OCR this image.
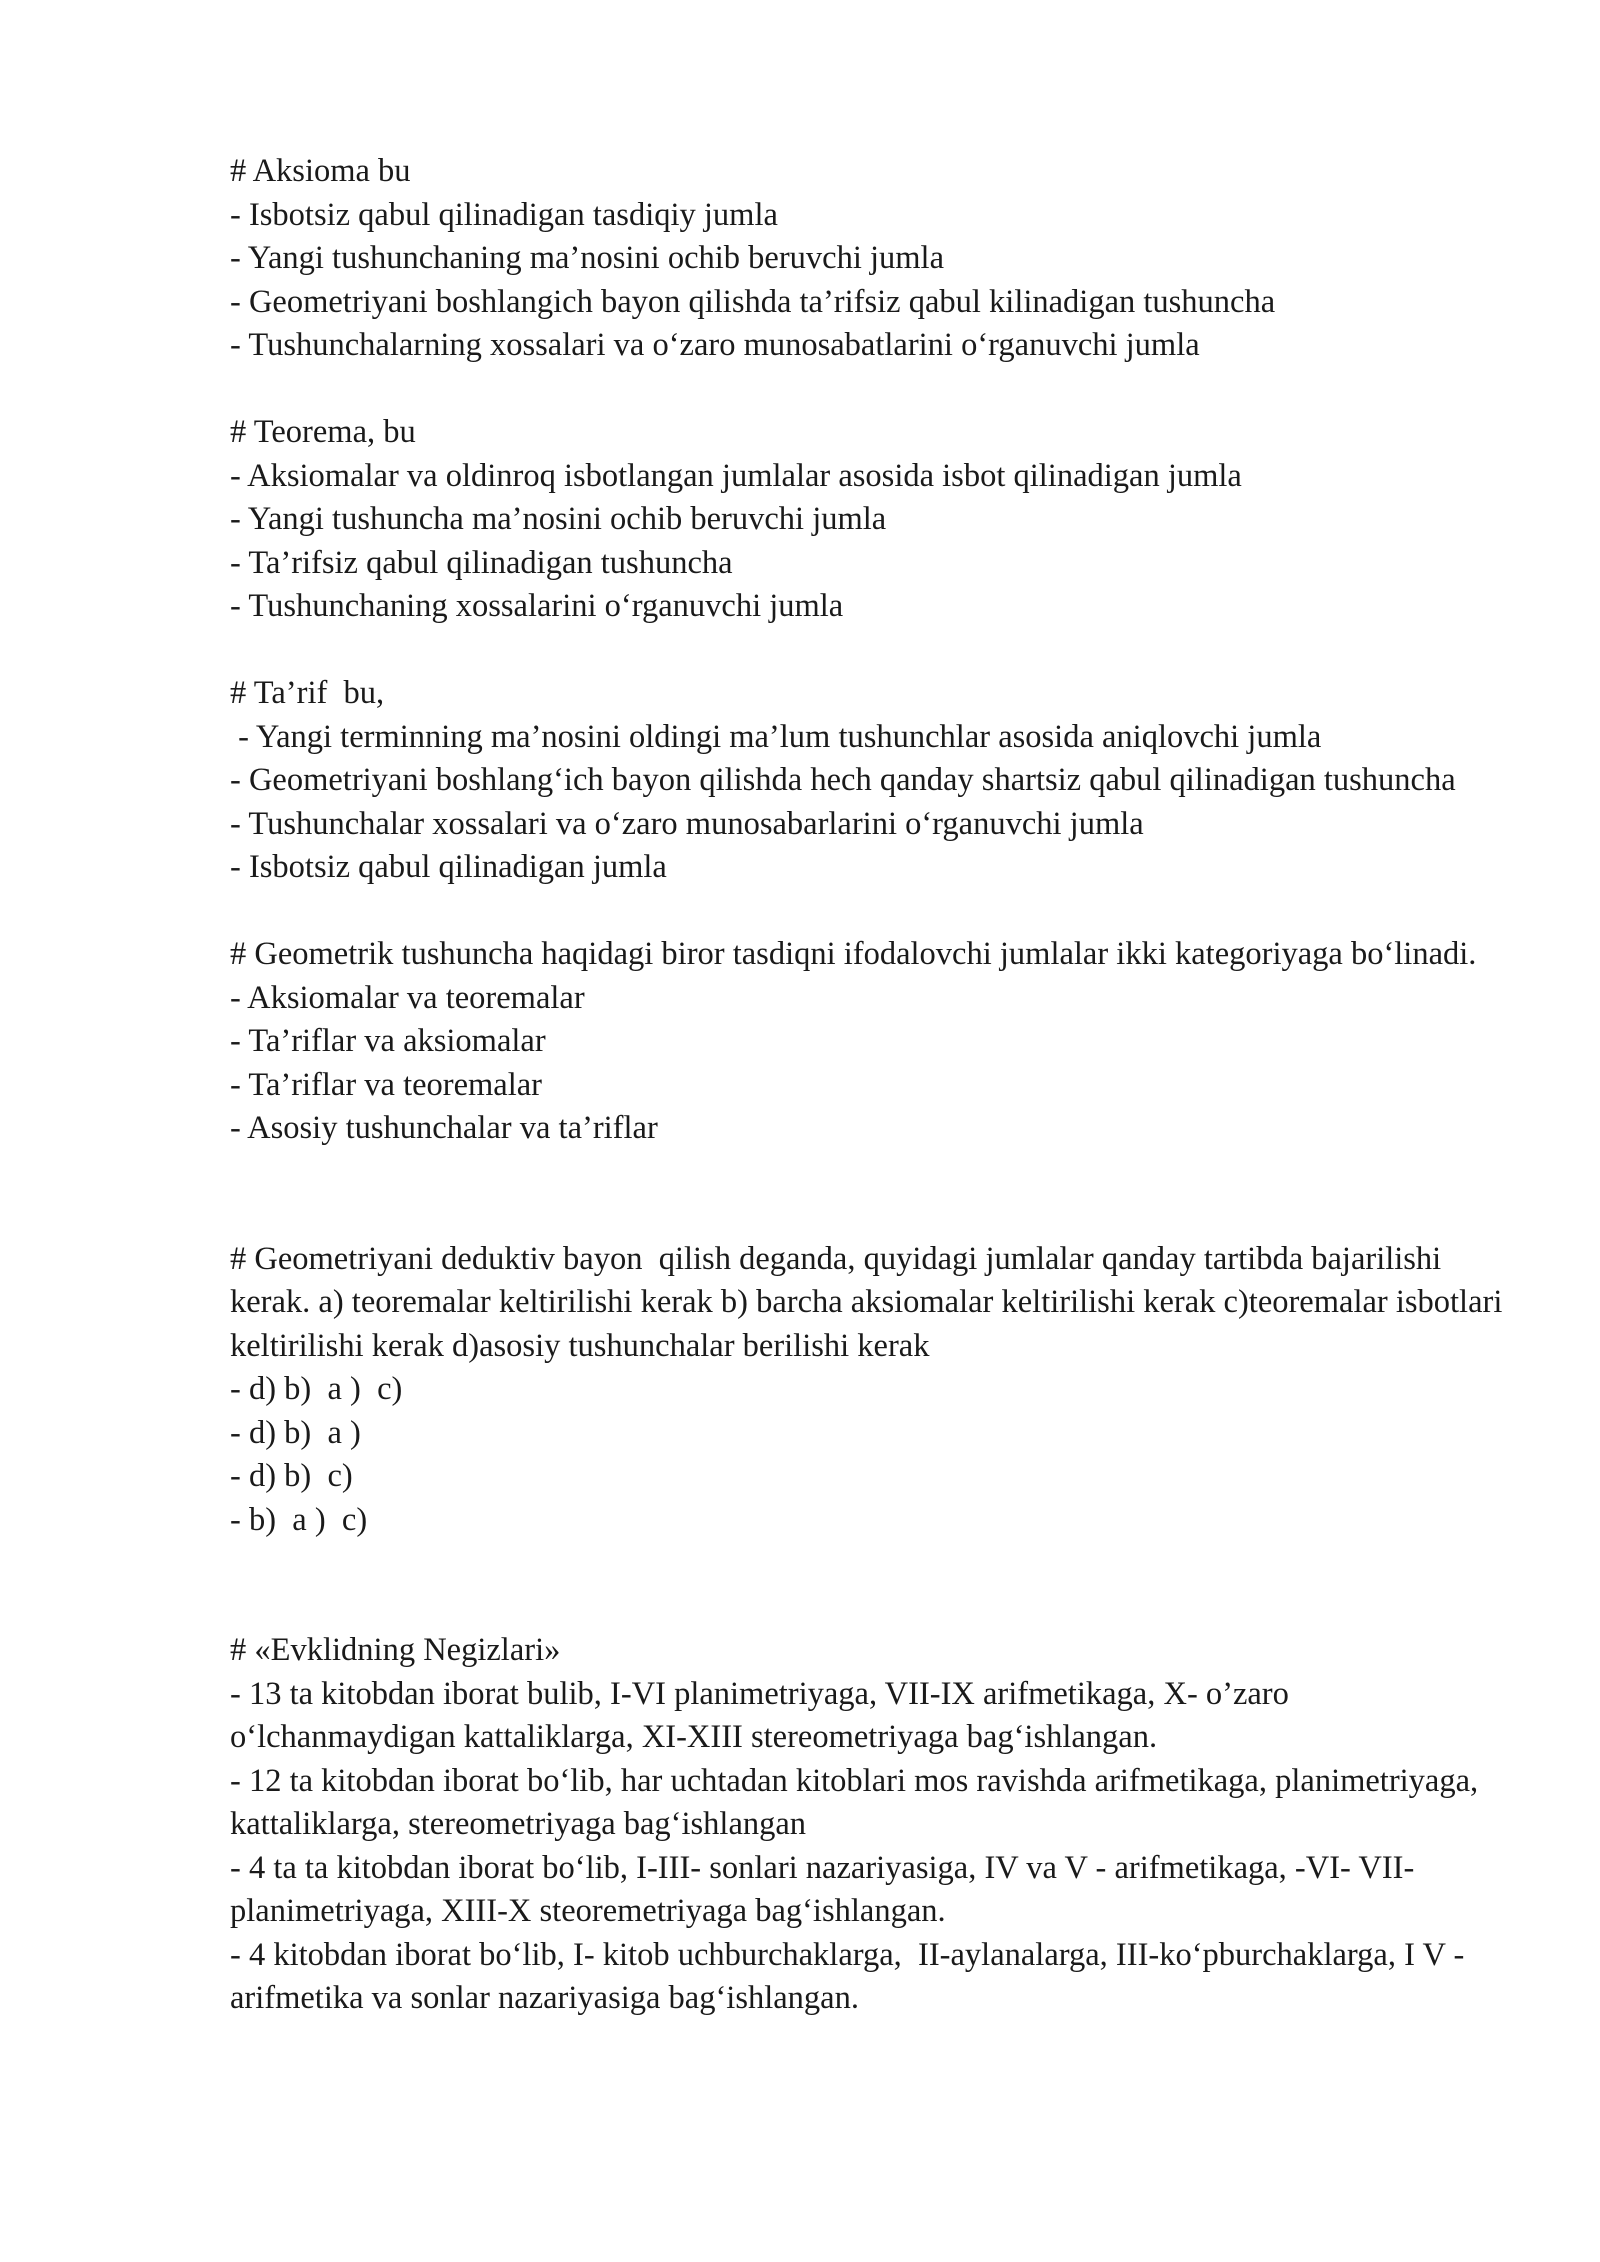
# Aksioma bu
- Isbotsiz qabul qilinadigan tasdiqiy jumla
- Yangi tushunchaning ma’nosini ochib beruvchi jumla
- Geometriyani boshlangich bayon qilishda ta’rifsiz qabul kilinadigan tushuncha
- Tushunchalarning xossalari va o‘zaro munosabatlarini o‘rganuvchi jumla
# Teorema, bu
- Aksiomalar va oldinroq isbotlangan jumlalar asosida isbot qilinadigan jumla
- Yangi tushuncha ma’nosini ochib beruvchi jumla
- Ta’rifsiz qabul qilinadigan tushuncha
- Tushunchaning xossalarini o‘rganuvchi jumla
# Ta’rif  bu,
- Yangi terminning ma’nosini oldingi ma’lum tushunchlar asosida aniqlovchi jumla
- Geometriyani boshlang‘ich bayon qilishda hech qanday shartsiz qabul qilinadigan tushuncha
- Tushunchalar xossalari va o‘zaro munosabarlarini o‘rganuvchi jumla
- Isbotsiz qabul qilinadigan jumla
# Geometrik tushuncha haqidagi biror tasdiqni ifodalovchi jumlalar ikki kategoriyaga bo‘linadi.
- Aksiomalar va teoremalar
- Ta’riflar va aksiomalar
- Ta’riflar va teoremalar
- Asosiy tushunchalar va ta’riflar
# Geometriyani deduktiv bayon  qilish deganda, quyidagi jumlalar qanday tartibda bajarilishi kerak. a) teoremalar keltirilishi kerak b) barcha aksiomalar keltirilishi kerak c)teoremalar isbotlari keltirilishi kerak d)asosiy tushunchalar berilishi kerak
- d) b)  a )  c)
- d) b)  a )
- d) b)  c)
- b)  a )  c)
# «Evklidning Negizlari»
- 13 ta kitobdan iborat bulib, I-VI planimetriyaga, VII-IX arifmetikaga, X- o’zaro o‘lchanmaydigan kattaliklarga, XI-XIII stereometriyaga bag‘ishlangan.
- 12 ta kitobdan iborat bo‘lib, har uchtadan kitoblari mos ravishda arifmetikaga, planimetriyaga, kattaliklarga, stereometriyaga bag‘ishlangan
- 4 ta ta kitobdan iborat bo‘lib, I-III- sonlari nazariyasiga, IV va V - arifmetikaga, -VI- VII- planimetriyaga, XIII-X steoremetriyaga bag‘ishlangan.
- 4 kitobdan iborat bo‘lib, I- kitob uchburchaklarga,  II-aylanalarga, III-ko‘pburchaklarga, I V -arifmetika va sonlar nazariyasiga bag‘ishlangan.
